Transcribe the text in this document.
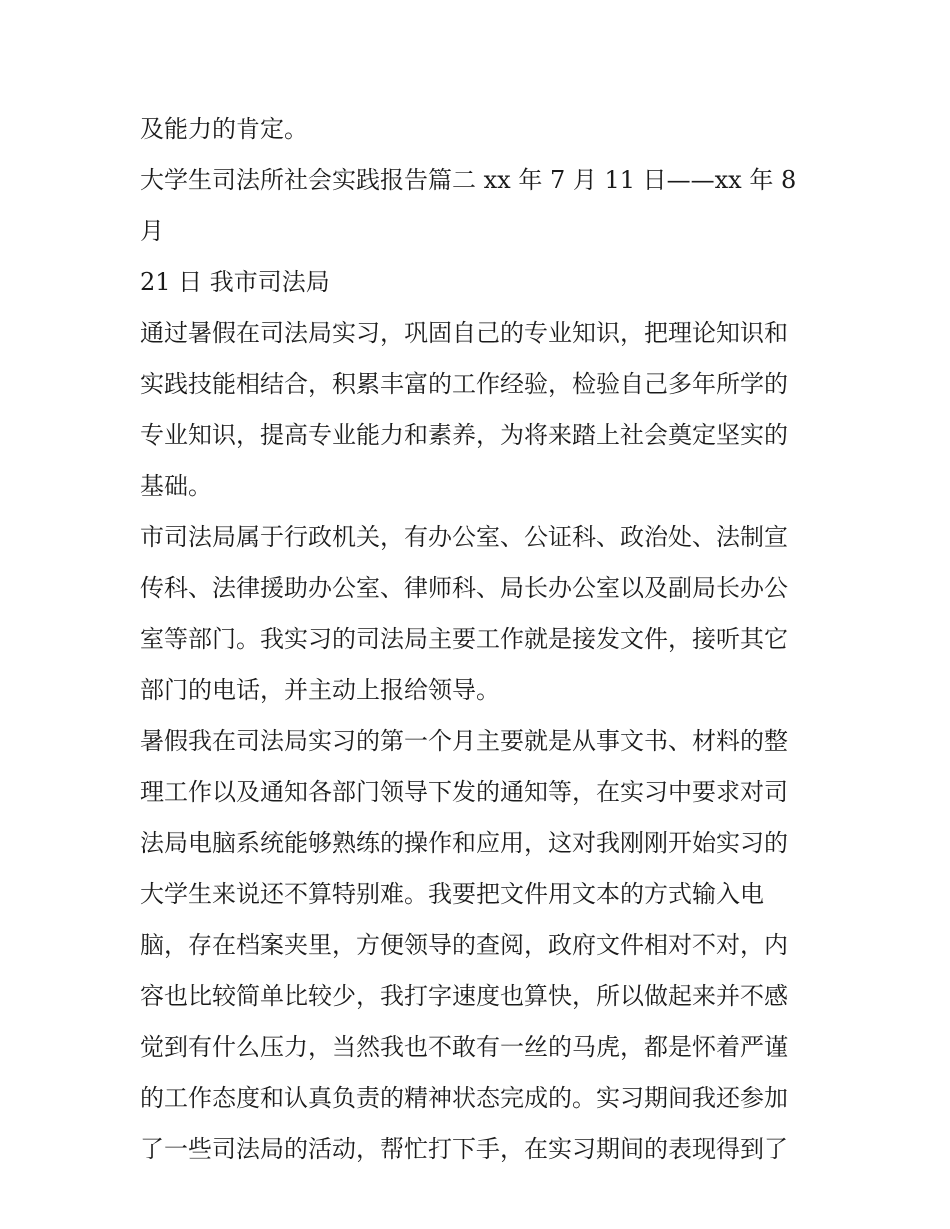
及能力的肯定。

大学生司法所社会实践报告篇二 xx 年 7 月 11 日——xx 年 8 月
21 日 我市司法局

通过暑假在司法局实习，巩固自己的专业知识，把理论知识和
实践技能相结合，积累丰富的工作经验，检验自己多年所学的
专业知识，提高专业能力和素养，为将来踏上社会奠定坚实的
基础。

市司法局属于行政机关，有办公室、公证科、政治处、法制宣
传科、法律援助办公室、律师科、局长办公室以及副局长办公
室等部门。我实习的司法局主要工作就是接发文件，接听其它
部门的电话，并主动上报给领导。

暑假我在司法局实习的第一个月主要就是从事文书、材料的整
理工作以及通知各部门领导下发的通知等，在实习中要求对司
法局电脑系统能够熟练的操作和应用，这对我刚刚开始实习的
大学生来说还不算特别难。我要把文件用文本的方式输入电
脑，存在档案夹里，方便领导的查阅，政府文件相对不对，内
容也比较简单比较少，我打字速度也算快，所以做起来并不感
觉到有什么压力，当然我也不敢有一丝的马虎，都是怀着严谨
的工作态度和认真负责的精神状态完成的。实习期间我还参加
了一些司法局的活动，帮忙打下手，在实习期间的表现得到了
